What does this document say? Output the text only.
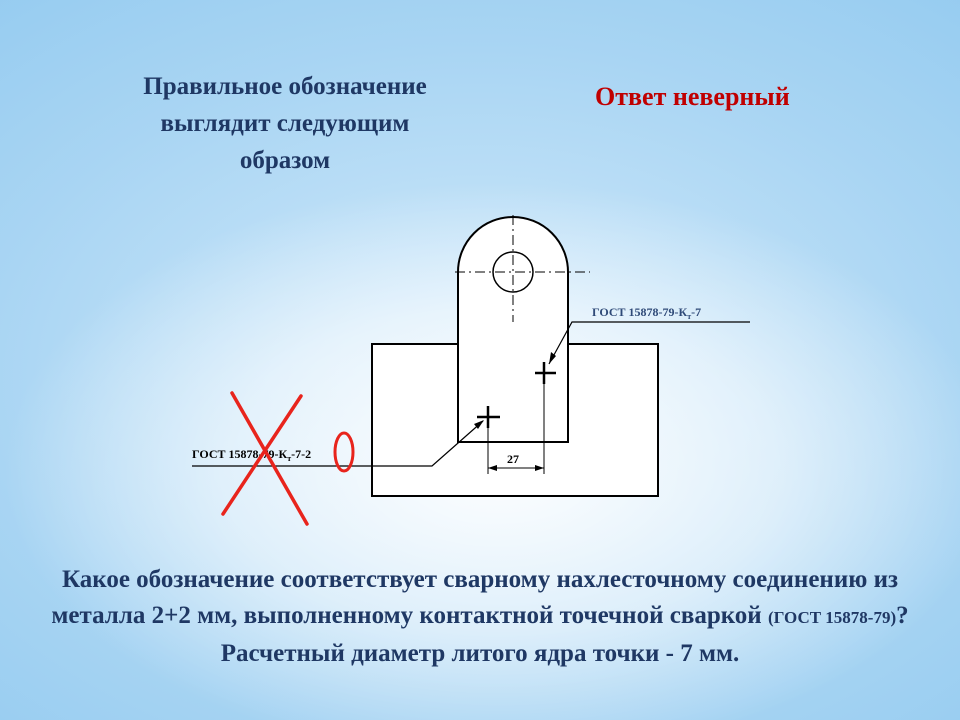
Правильное обозначение
выглядит следующим
образом
Ответ неверный
ГОСТ $15878-79-К_т-7$
ГОСТ $15878-79-К_т-7-2$	27
Какое обозначение соответствует сварному нахлесточному соединению из металла 2+2 мм, выполненному контактной точечной сваркой (ГОСТ 15878-79)? Расчетный диаметр литого ядра точки - 7 мм.
